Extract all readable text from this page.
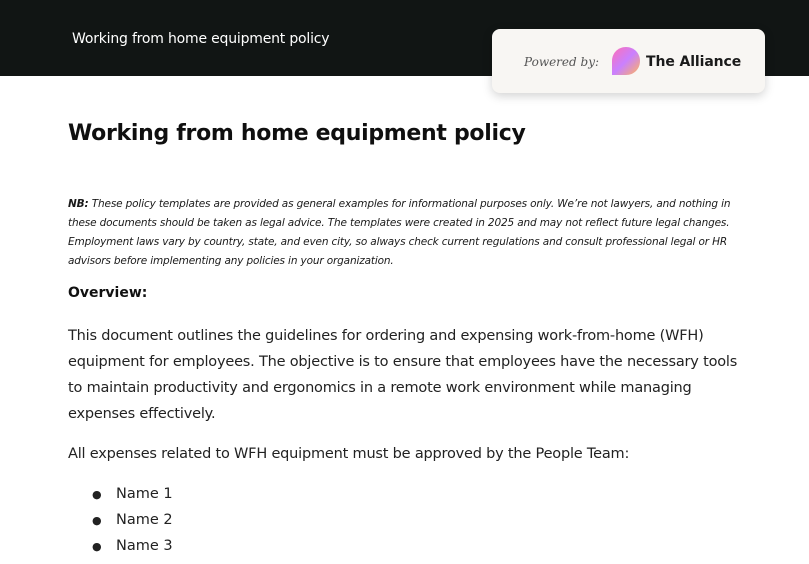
Working from home equipment policy
Powered by:	The Alliance
Working from home equipment policy

NB: These policy templates are provided as general examples for informational purposes only. We’re not lawyers, and nothing in these documents should be taken as legal advice. The templates were created in 2025 and may not reflect future legal changes. Employment laws vary by country, state, and even city, so always check current regulations and consult professional legal or HR advisors before implementing any policies in your organization.

Overview:

This document outlines the guidelines for ordering and expensing work-from-home (WFH) equipment for employees. The objective is to ensure that employees have the necessary tools to maintain productivity and ergonomics in a remote work environment while managing expenses effectively.

All expenses related to WFH equipment must be approved by the People Team:

● Name 1
● Name 2
● Name 3
